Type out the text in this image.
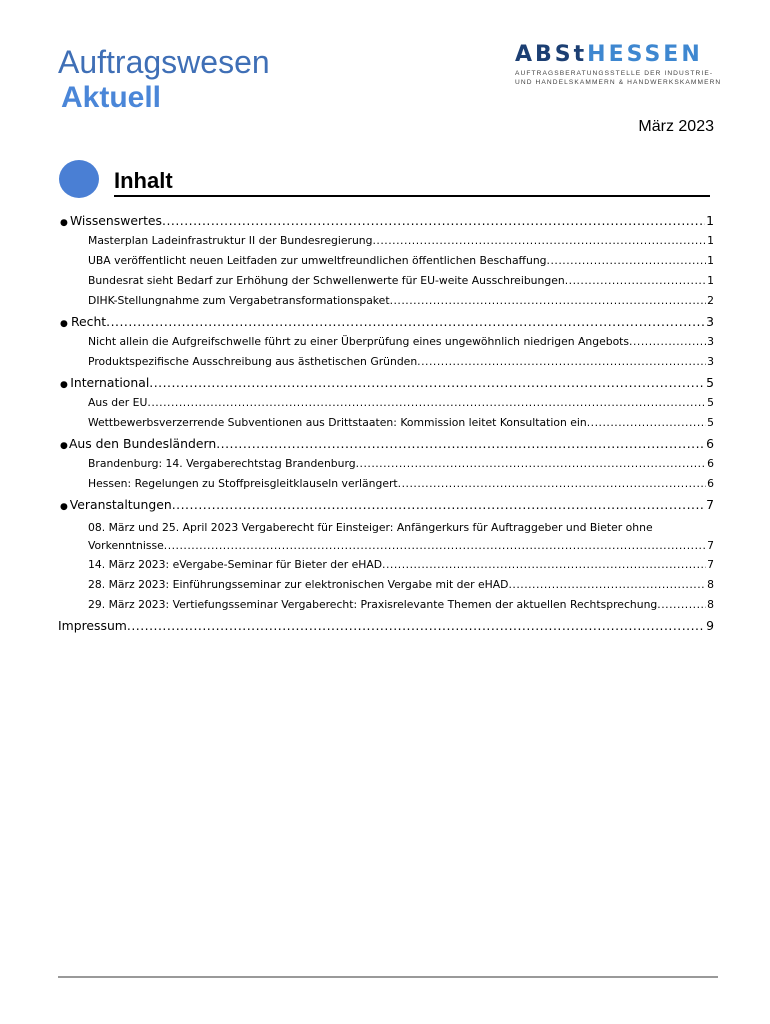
Auftragswesen
Aktuell
ABStHESSEN
AUFTRAGSBERATUNGSSTELLE DER INDUSTRIE-
UND HANDELSKAMMERN & HANDWERKSKAMMERN
März 2023
Inhalt
● Wissenswertes .....	1
Masterplan Ladeinfrastruktur II der Bundesregierung .....	1
UBA veröffentlicht neuen Leitfaden zur umweltfreundlichen öffentlichen Beschaffung .....	1
Bundesrat sieht Bedarf zur Erhöhung der Schwellenwerte für EU-weite Ausschreibungen .....	1
DIHK-Stellungnahme zum Vergabetransformationspaket .....	2
● Recht .....	3
Nicht allein die Aufgreifschwelle führt zu einer Überprüfung eines ungewöhnlich niedrigen Angebots .....	3
Produktspezifische Ausschreibung aus ästhetischen Gründen .....	3
● International .....	5
Aus der EU .....	5
Wettbewerbsverzerrende Subventionen aus Drittstaaten: Kommission leitet Konsultation ein .....	5
● Aus den Bundesländern .....	6
Brandenburg: 14. Vergaberechtstag Brandenburg .....	6
Hessen: Regelungen zu Stoffpreisgleitklauseln verlängert .....	6
● Veranstaltungen .....	7
08. März und 25. April 2023 Vergaberecht für Einsteiger: Anfängerkurs für Auftraggeber und Bieter ohne
Vorkenntnisse .....	7
14. März 2023: eVergabe-Seminar für Bieter der eHAD .....	7
28. März 2023: Einführungsseminar zur elektronischen Vergabe mit der eHAD .....	8
29. März 2023: Vertiefungsseminar Vergaberecht: Praxisrelevante Themen der aktuellen Rechtsprechung .....	8
Impressum .....	9
